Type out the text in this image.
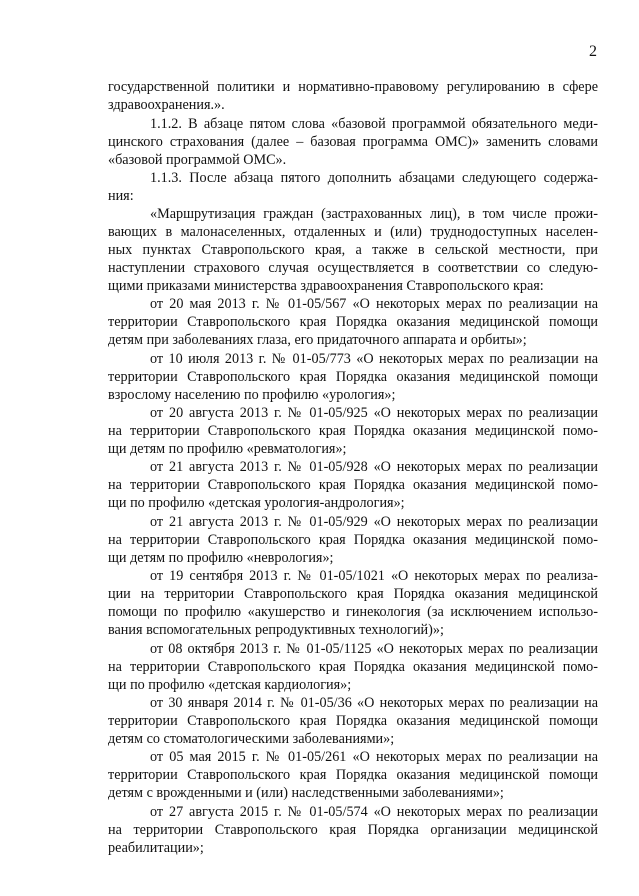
2
государственной политики и нормативно-правовому регулированию в сфере
здравоохранения.».
1.1.2. В абзаце пятом слова «базовой программой обязательного меди-
цинского страхования (далее – базовая программа ОМС)» заменить словами
«базовой программой ОМС».
1.1.3. После абзаца пятого дополнить абзацами следующего содержа-
ния:
«Маршрутизация граждан (застрахованных лиц), в том числе прожи-
вающих в малонаселенных, отдаленных и (или) труднодоступных населен-
ных пунктах Ставропольского края, а также в сельской местности, при
наступлении страхового случая осуществляется в соответствии со следую-
щими приказами министерства здравоохранения Ставропольского края:
от 20 мая 2013 г. № 01-05/567 «О некоторых мерах по реализации на
территории Ставропольского края Порядка оказания медицинской помощи
детям при заболеваниях глаза, его придаточного аппарата и орбиты»;
от 10 июля 2013 г. № 01-05/773 «О некоторых мерах по реализации на
территории Ставропольского края Порядка оказания медицинской помощи
взрослому населению по профилю «урология»;
от 20 августа 2013 г. № 01-05/925 «О некоторых мерах по реализации
на территории Ставропольского края Порядка оказания медицинской помо-
щи детям по профилю «ревматология»;
от 21 августа 2013 г. № 01-05/928 «О некоторых мерах по реализации
на территории Ставропольского края Порядка оказания медицинской помо-
щи по профилю «детская урология-андрология»;
от 21 августа 2013 г. № 01-05/929 «О некоторых мерах по реализации
на территории Ставропольского края Порядка оказания медицинской помо-
щи детям по профилю «неврология»;
от 19 сентября 2013 г. № 01-05/1021 «О некоторых мерах по реализа-
ции на территории Ставропольского края Порядка оказания медицинской
помощи по профилю «акушерство и гинекология (за исключением использо-
вания вспомогательных репродуктивных технологий)»;
от 08 октября 2013 г. № 01-05/1125 «О некоторых мерах по реализации
на территории Ставропольского края Порядка оказания медицинской помо-
щи по профилю «детская кардиология»;
от 30 января 2014 г. № 01-05/36 «О некоторых мерах по реализации на
территории Ставропольского края Порядка оказания медицинской помощи
детям со стоматологическими заболеваниями»;
от 05 мая 2015 г. № 01-05/261 «О некоторых мерах по реализации на
территории Ставропольского края Порядка оказания медицинской помощи
детям с врожденными и (или) наследственными заболеваниями»;
от 27 августа 2015 г. № 01-05/574 «О некоторых мерах по реализации
на территории Ставропольского края Порядка организации медицинской
реабилитации»;
